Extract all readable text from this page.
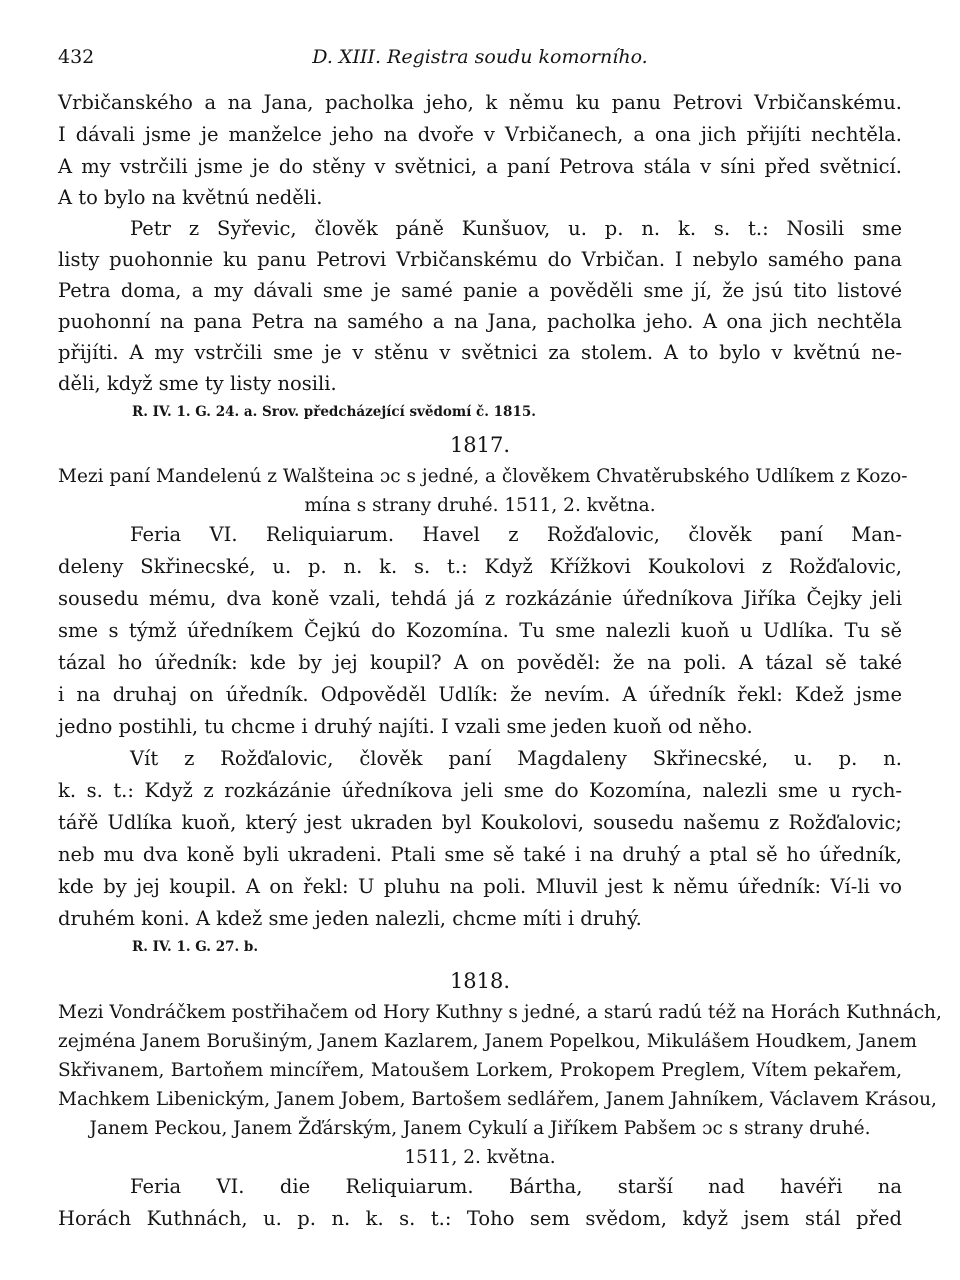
432	D. XIII. Registra soudu komorního.
Vrbičanského a na Jana, pacholka jeho, k němu ku panu Petrovi Vrbičanskému.
I dávali jsme je manželce jeho na dvoře v Vrbičanech, a ona jich přijíti nechtěla.
A my vstrčili jsme je do stěny v světnici, a paní Petrova stála v síni před světnicí.
A to bylo na květnú neděli.
Petr z Syřevic, člověk páně Kunšuov, u. p. n. k. s. t.: Nosili sme
listy puohonnie ku panu Petrovi Vrbičanskému do Vrbičan. I nebylo samého pana
Petra doma, a my dávali sme je samé panie a pověděli sme jí, že jsú tito listové
puohonní na pana Petra na samého a na Jana, pacholka jeho. A ona jich nechtěla
přijíti. A my vstrčili sme je v stěnu v světnici za stolem. A to bylo v květnú ne-
děli, když sme ty listy nosili.
R. IV. 1. G. 24. a. Srov. předcházející svědomí č. 1815.
1817.
Mezi paní Mandelenú z Walšteina ɔc s jedné, a člověkem Chvatěrubského Udlíkem z Kozo-
mína s strany druhé. 1511, 2. května.
Feria VI. Reliquiarum. Havel z Rožďalovic, člověk paní Man-
deleny Skřinecské, u. p. n. k. s. t.: Když Křížkovi Koukolovi z Rožďalovic,
sousedu mému, dva koně vzali, tehdá já z rozkázánie úředníkova Jiříka Čejky jeli
sme s týmž úředníkem Čejkú do Kozomína. Tu sme nalezli kuoň u Udlíka. Tu sě
tázal ho úředník: kde by jej koupil? A on pověděl: že na poli. A tázal sě také
i na druhaj on úředník. Odpověděl Udlík: že nevím. A úředník řekl: Kdež jsme
jedno postihli, tu chcme i druhý najíti. I vzali sme jeden kuoň od něho.
Vít z Rožďalovic, člověk paní Magdaleny Skřinecské, u. p. n.
k. s. t.: Když z rozkázánie úředníkova jeli sme do Kozomína, nalezli sme u rych-
tářě Udlíka kuoň, který jest ukraden byl Koukolovi, sousedu našemu z Rožďalovic;
neb mu dva koně byli ukradeni. Ptali sme sě také i na druhý a ptal sě ho úředník,
kde by jej koupil. A on řekl: U pluhu na poli. Mluvil jest k němu úředník: Ví-li vo
druhém koni. A kdež sme jeden nalezli, chcme míti i druhý.
R. IV. 1. G. 27. b.
1818.
Mezi Vondráčkem postřihačem od Hory Kuthny s jedné, a starú radú též na Horách Kuthnách,
zejména Janem Borušiným, Janem Kazlarem, Janem Popelkou, Mikulášem Houdkem, Janem
Skřivanem, Bartoňem mincířem, Matoušem Lorkem, Prokopem Preglem, Vítem pekařem,
Machkem Libenickým, Janem Jobem, Bartošem sedlářem, Janem Jahníkem, Václavem Krásou,
Janem Peckou, Janem Žďárským, Janem Cykulí a Jiříkem Pabšem ɔc s strany druhé.
1511, 2. května.
Feria VI. die Reliquiarum. Bártha, starší nad havéři na
Horách Kuthnách, u. p. n. k. s. t.: Toho sem svědom, když jsem stál před
